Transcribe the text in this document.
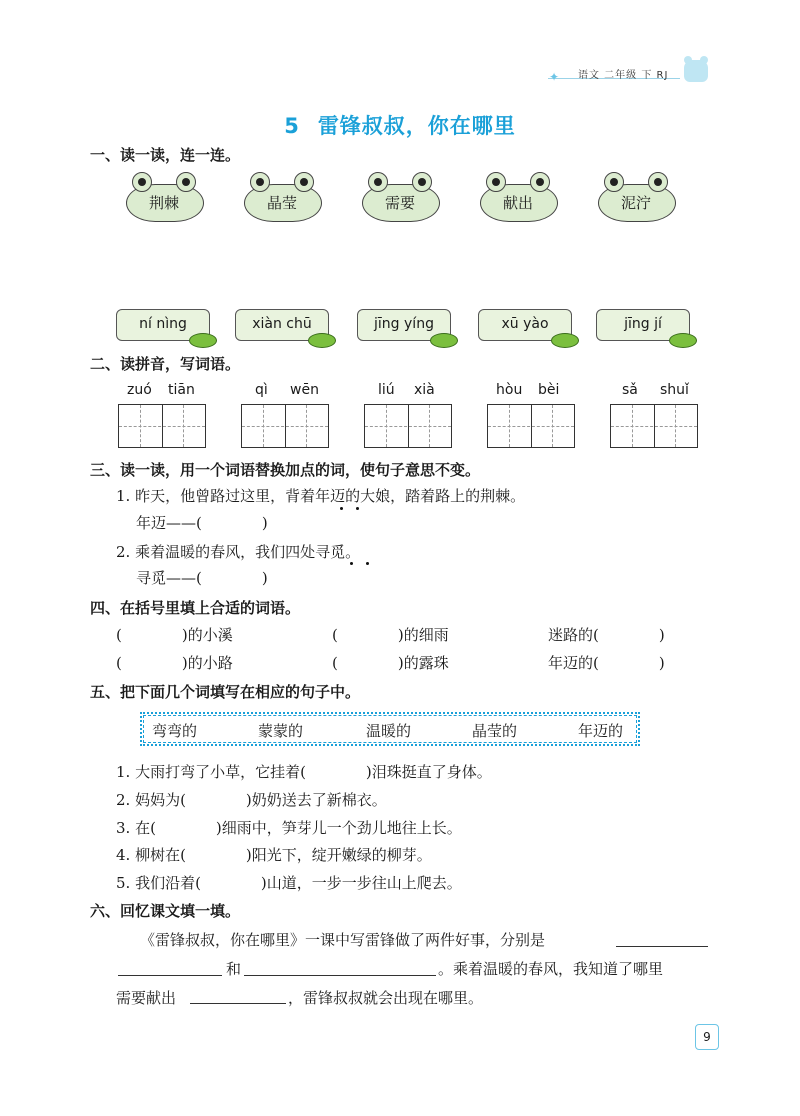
✦ 语文 二年级 下 RJ
5 雷锋叔叔，你在哪里
一、读一读，连一连。
荆棘	晶莹	需要	献出	泥泞
ní nìng	xiàn chū	jīng yíng	xū yào	jīng jí
二、读拼音，写词语。
zuó tiān	qì wēn	liú xià	hòu bèi	sǎ shuǐ
三、读一读，用一个词语替换加点的词，使句子意思不变。
1. 昨天，他曾路过这里，背着年迈的大娘，踏着路上的荆棘。
年迈——(　　　　)
2. 乘着温暖的春风，我们四处寻觅。
寻觅——(　　　　)
四、在括号里填上合适的词语。
(　　　　)的小溪	(　　　　)的细雨	迷路的(　　　　)
(　　　　)的小路	(　　　　)的露珠	年迈的(　　　　)
五、把下面几个词填写在相应的句子中。
弯弯的	蒙蒙的	温暖的	晶莹的	年迈的
1. 大雨打弯了小草，它挂着(　　　　)泪珠挺直了身体。
2. 妈妈为(　　　　)奶奶送去了新棉衣。
3. 在(　　　　)细雨中，笋芽儿一个劲儿地往上长。
4. 柳树在(　　　　)阳光下，绽开嫩绿的柳芽。
5. 我们沿着(　　　　)山道，一步一步往山上爬去。
六、回忆课文填一填。
《雷锋叔叔，你在哪里》一课中写雷锋做了两件好事，分别是
和	。乘着温暖的春风，我知道了哪里
需要献出	，雷锋叔叔就会出现在哪里。
9
